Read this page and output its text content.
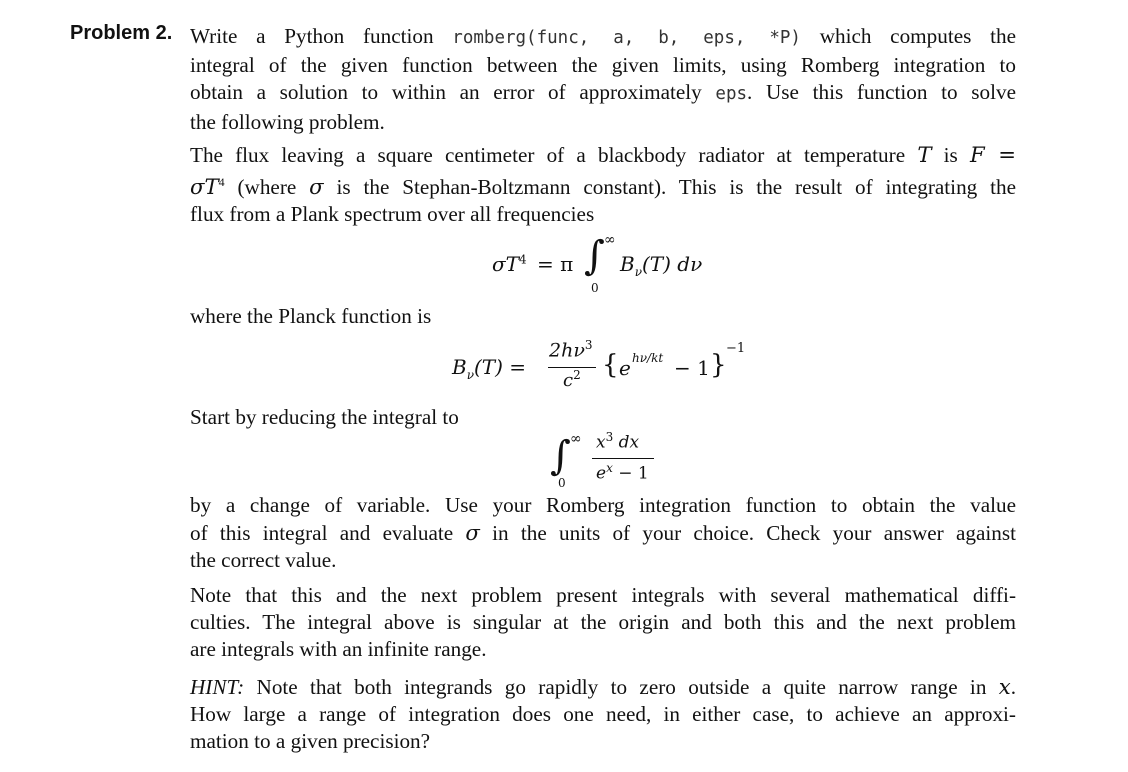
Problem 2. Write a Python function romberg(func, a, b, eps, *P) which computes the
integral of the given function between the given limits, using Romberg integration to
obtain a solution to within an error of approximately eps. Use this function to solve
the following problem.

The flux leaving a square centimeter of a blackbody radiator at temperature T is F =
$\sigma T^4$ (where σ is the Stephan-Boltzmann constant). This is the result of integrating the
flux from a Plank spectrum over all frequencies

$\sigma T^4 = \pi$ ∫ ∞
0
$B_\nu(T)$ dν

where the Planck function is

$B_\nu(T)$ =
$2h\nu^3$
$c^2$ { e hν/kt − 1 }
−1

Start by reducing the integral to

∫ ∞
0
$x^3$ dx
$e^x - 1$

by a change of variable. Use your Romberg integration function to obtain the value
of this integral and evaluate σ in the units of your choice. Check your answer against
the correct value.

Note that this and the next problem present integrals with several mathematical diffi-
culties. The integral above is singular at the origin and both this and the next problem
are integrals with an infinite range.

HINT: Note that both integrands go rapidly to zero outside a quite narrow range in x.
How large a range of integration does one need, in either case, to achieve an approxi-
mation to a given precision?
